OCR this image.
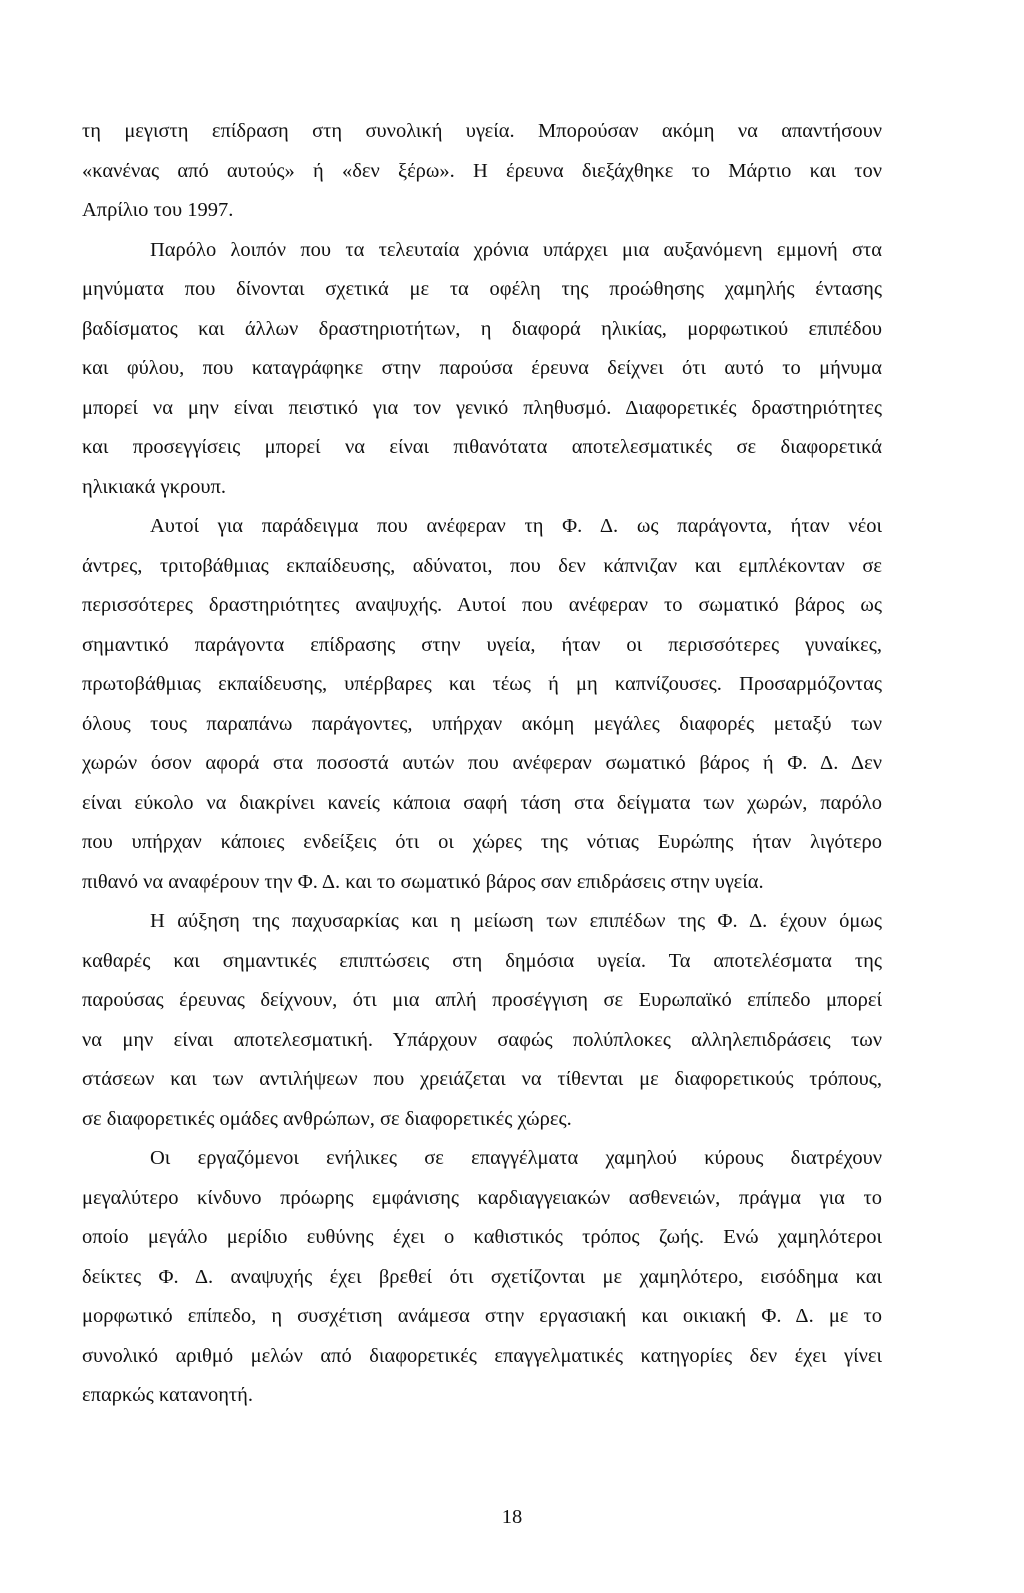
τη μεγιστη επίδραση στη συνολική υγεία. Μπορούσαν ακόμη να απαντήσουν
«κανένας από αυτούς» ή «δεν ξέρω». Η έρευνα διεξάχθηκε το Μάρτιο και τον
Απρίλιο του 1997.
Παρόλο λοιπόν που τα τελευταία χρόνια υπάρχει μια αυξανόμενη εμμονή στα
μηνύματα που δίνονται σχετικά με τα οφέλη της προώθησης χαμηλής έντασης
βαδίσματος και άλλων δραστηριοτήτων, η διαφορά ηλικίας, μορφωτικού επιπέδου
και φύλου, που καταγράφηκε στην παρούσα έρευνα δείχνει ότι αυτό το μήνυμα
μπορεί να μην είναι πειστικό για τον γενικό πληθυσμό. Διαφορετικές δραστηριότητες
και προσεγγίσεις μπορεί να είναι πιθανότατα αποτελεσματικές σε διαφορετικά
ηλικιακά γκρουπ.
Αυτοί για παράδειγμα που ανέφεραν τη Φ. Δ. ως παράγοντα, ήταν νέοι
άντρες, τριτοβάθμιας εκπαίδευσης, αδύνατοι, που δεν κάπνιζαν και εμπλέκονταν σε
περισσότερες δραστηριότητες αναψυχής. Αυτοί που ανέφεραν το σωματικό βάρος ως
σημαντικό παράγοντα επίδρασης στην υγεία, ήταν οι περισσότερες γυναίκες,
πρωτοβάθμιας εκπαίδευσης, υπέρβαρες και τέως ή μη καπνίζουσες. Προσαρμόζοντας
όλους τους παραπάνω παράγοντες, υπήρχαν ακόμη μεγάλες διαφορές μεταξύ των
χωρών όσον αφορά στα ποσοστά αυτών που ανέφεραν σωματικό βάρος ή Φ. Δ. Δεν
είναι εύκολο να διακρίνει κανείς κάποια σαφή τάση στα δείγματα των χωρών, παρόλο
που υπήρχαν κάποιες ενδείξεις ότι οι χώρες της νότιας Ευρώπης ήταν λιγότερο
πιθανό να αναφέρουν την Φ. Δ. και το σωματικό βάρος σαν επιδράσεις στην υγεία.
Η αύξηση της παχυσαρκίας και η μείωση των επιπέδων της Φ. Δ. έχουν όμως
καθαρές και σημαντικές επιπτώσεις στη δημόσια υγεία. Τα αποτελέσματα της
παρούσας έρευνας δείχνουν, ότι μια απλή προσέγγιση σε Ευρωπαϊκό επίπεδο μπορεί
να μην είναι αποτελεσματική. Υπάρχουν σαφώς πολύπλοκες αλληλεπιδράσεις των
στάσεων και των αντιλήψεων που χρειάζεται να τίθενται με διαφορετικούς τρόπους,
σε διαφορετικές ομάδες ανθρώπων, σε διαφορετικές χώρες.
Οι εργαζόμενοι ενήλικες σε επαγγέλματα χαμηλού κύρους διατρέχουν
μεγαλύτερο κίνδυνο πρόωρης εμφάνισης καρδιαγγειακών ασθενειών, πράγμα για το
οποίο μεγάλο μερίδιο ευθύνης έχει ο καθιστικός τρόπος ζωής. Ενώ χαμηλότεροι
δείκτες Φ. Δ. αναψυχής έχει βρεθεί ότι σχετίζονται με χαμηλότερο, εισόδημα και
μορφωτικό επίπεδο, η συσχέτιση ανάμεσα στην εργασιακή και οικιακή Φ. Δ. με το
συνολικό αριθμό μελών από διαφορετικές επαγγελματικές κατηγορίες δεν έχει γίνει
επαρκώς κατανοητή.
18
